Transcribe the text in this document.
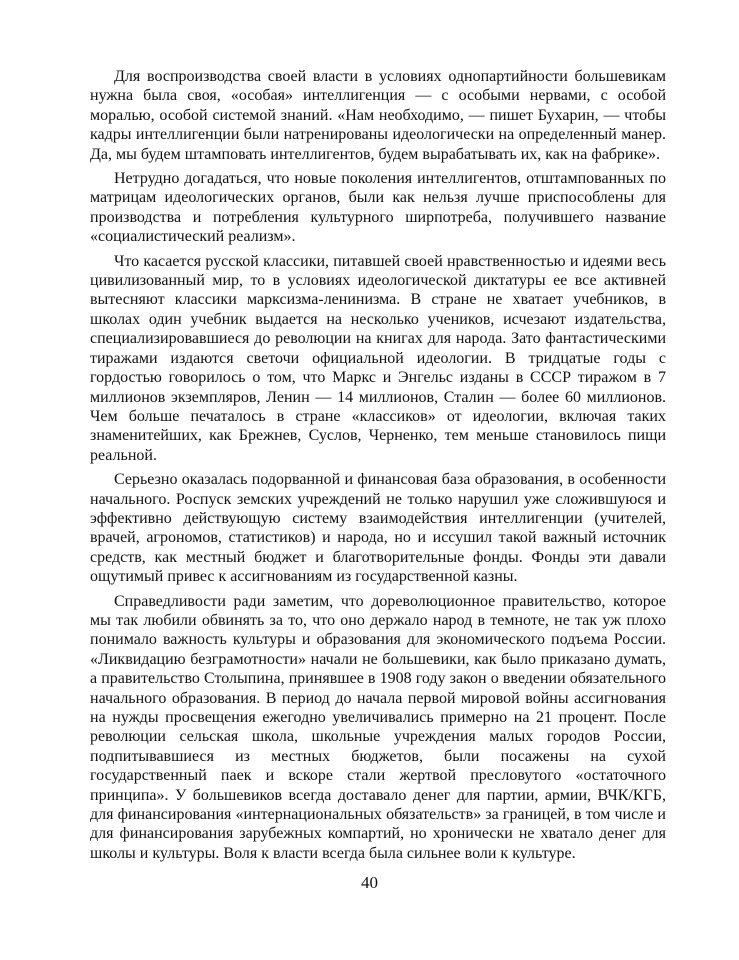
Для воспроизводства своей власти в условиях однопартийности большевикам нужна была своя, «особая» интеллигенция — с особыми нервами, с особой моралью, особой системой знаний. «Нам необходимо, — пишет Бухарин, — чтобы кадры интеллигенции были натренированы идеологически на определенный манер. Да, мы будем штамповать интеллигентов, будем вырабатывать их, как на фабрике».

Нетрудно догадаться, что новые поколения интеллигентов, отштампованных по матрицам идеологических органов, были как нельзя лучше приспособлены для производства и потребления культурного ширпотреба, получившего название «социалистический реализм».

Что касается русской классики, питавшей своей нравственностью и идеями весь цивилизованный мир, то в условиях идеологической диктатуры ее все активней вытесняют классики марксизма-ленинизма. В стране не хватает учебников, в школах один учебник выдается на несколько учеников, исчезают издательства, специализировавшиеся до революции на книгах для народа. Зато фантастическими тиражами издаются светочи официальной идеологии. В тридцатые годы с гордостью говорилось о том, что Маркс и Энгельс изданы в СССР тиражом в 7 миллионов экземпляров, Ленин — 14 миллионов, Сталин — более 60 миллионов. Чем больше печаталось в стране «классиков» от идеологии, включая таких знаменитейших, как Брежнев, Суслов, Черненко, тем меньше становилось пищи реальной.

Серьезно оказалась подорванной и финансовая база образования, в особенности начального. Роспуск земских учреждений не только нарушил уже сложившуюся и эффективно действующую систему взаимодействия интеллигенции (учителей, врачей, агрономов, статистиков) и народа, но и иссушил такой важный источник средств, как местный бюджет и благотворительные фонды. Фонды эти давали ощутимый привес к ассигнованиям из государственной казны.

Справедливости ради заметим, что дореволюционное правительство, которое мы так любили обвинять за то, что оно держало народ в темноте, не так уж плохо понимало важность культуры и образования для экономического подъема России. «Ликвидацию безграмотности» начали не большевики, как было приказано думать, а правительство Столыпина, принявшее в 1908 году закон о введении обязательного начального образования. В период до начала первой мировой войны ассигнования на нужды просвещения ежегодно увеличивались примерно на 21 процент. После революции сельская школа, школьные учреждения малых городов России, подпитывавшиеся из местных бюджетов, были посажены на сухой государственный паек и вскоре стали жертвой пресловутого «остаточного принципа». У большевиков всегда доставало денег для партии, армии, ВЧК/КГБ, для финансирования «интернациональных обязательств» за границей, в том числе и для финансирования зарубежных компартий, но хронически не хватало денег для школы и культуры. Воля к власти всегда была сильнее воли к культуре.

40
